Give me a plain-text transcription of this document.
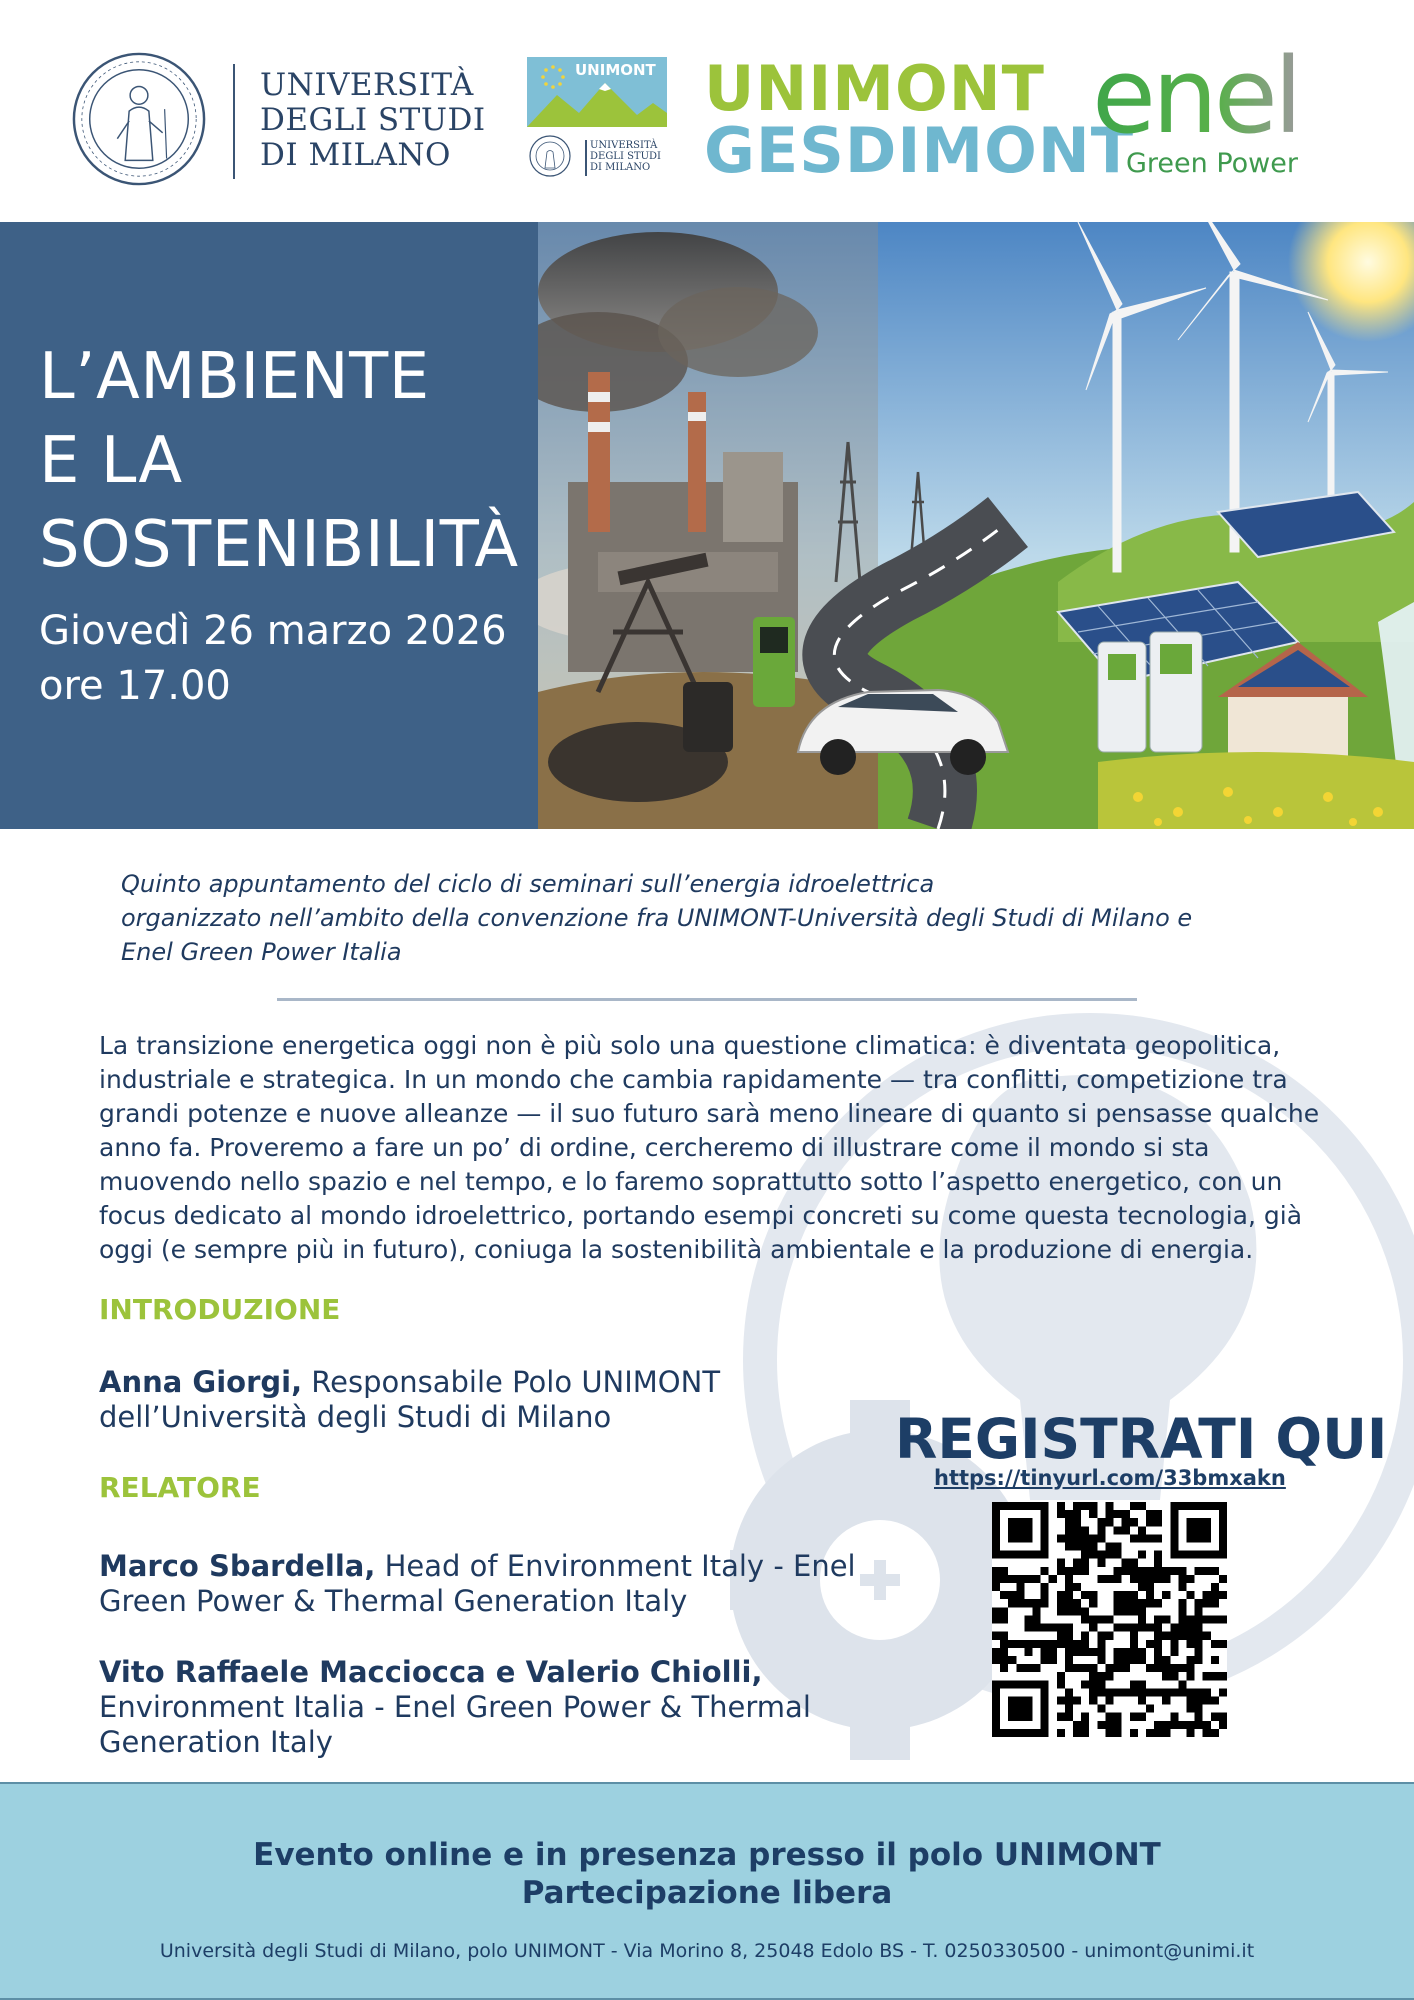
UNIVERSITÀ
DEGLI STUDI
DI MILANO
UNIMONT
UNIVERSITÀ
DEGLI STUDI
DI MILANO
UNIMONT
GESDIMONT
enel
Green Power
L’AMBIENTE
E LA
SOSTENIBILITÀ
Giovedì 26 marzo 2026
ore 17.00
Quinto appuntamento del ciclo di seminari sull’energia idroelettrica
organizzato nell’ambito della convenzione fra UNIMONT-Università degli Studi di Milano e
Enel Green Power Italia
La transizione energetica oggi non è più solo una questione climatica: è diventata geopolitica,
industriale e strategica. In un mondo che cambia rapidamente — tra conflitti, competizione tra
grandi potenze e nuove alleanze — il suo futuro sarà meno lineare di quanto si pensasse qualche
anno fa. Proveremo a fare un po’ di ordine, cercheremo di illustrare come il mondo si sta
muovendo nello spazio e nel tempo, e lo faremo soprattutto sotto l’aspetto energetico, con un
focus dedicato al mondo idroelettrico, portando esempi concreti su come questa tecnologia, già
oggi (e sempre più in futuro), coniuga la sostenibilità ambientale e la produzione di energia.
INTRODUZIONE
Anna Giorgi, Responsabile Polo UNIMONT
dell’Università degli Studi di Milano
RELATORE
Marco Sbardella, Head of Environment Italy - Enel
Green Power & Thermal Generation Italy
Vito Raffaele Macciocca e Valerio Chiolli,
Environment Italia - Enel Green Power & Thermal
Generation Italy
REGISTRATI QUI
https://tinyurl.com/33bmxakn
Evento online e in presenza presso il polo UNIMONT
Partecipazione libera
Università degli Studi di Milano, polo UNIMONT - Via Morino 8, 25048 Edolo BS - T. 0250330500 - unimont@unimi.it
